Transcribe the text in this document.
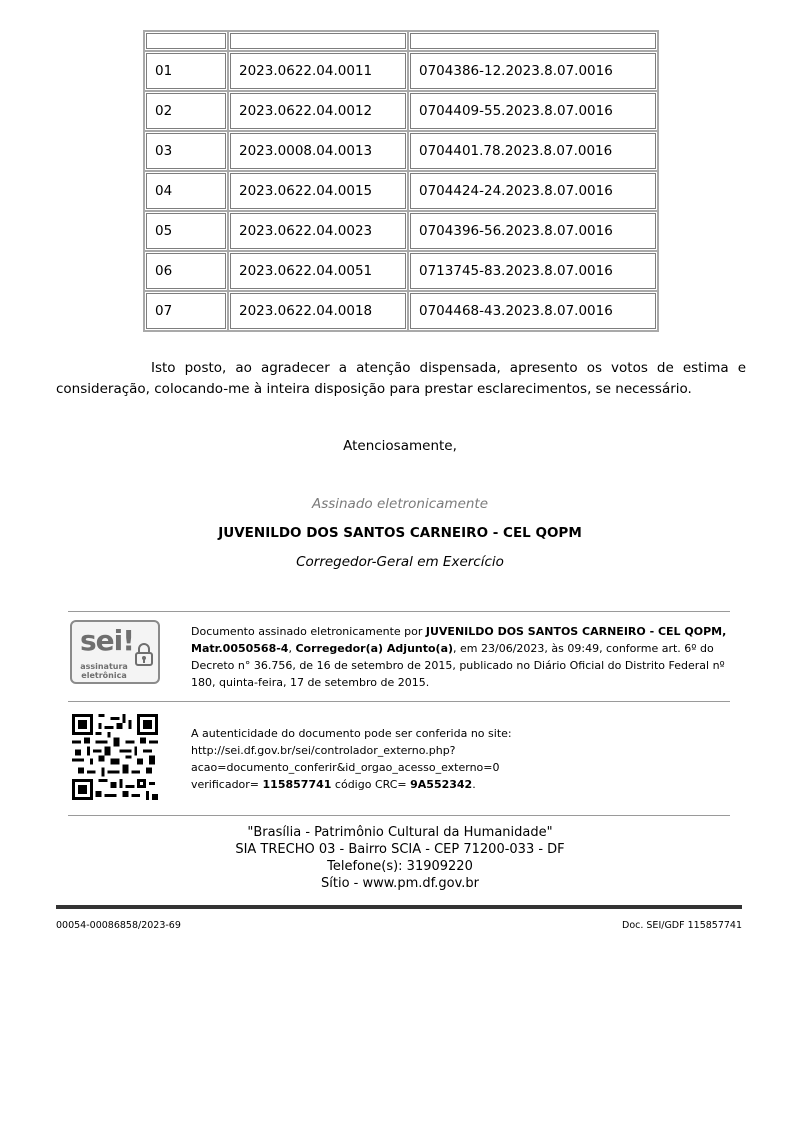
01	2023.0622.04.0011	0704386-12.2023.8.07.0016
02	2023.0622.04.0012	0704409-55.2023.8.07.0016
03	2023.0008.04.0013	0704401.78.2023.8.07.0016
04	2023.0622.04.0015	0704424-24.2023.8.07.0016
05	2023.0622.04.0023	0704396-56.2023.8.07.0016
06	2023.0622.04.0051	0713745-83.2023.8.07.0016
07	2023.0622.04.0018	0704468-43.2023.8.07.0016
Isto posto, ao agradecer a atenção dispensada, apresento os votos de estima e consideração, colocando-me à inteira disposição para prestar esclarecimentos, se necessário.
Atenciosamente,
Assinado eletronicamente
JUVENILDO DOS SANTOS CARNEIRO - CEL QOPM
Corregedor-Geral em Exercício
sei!
assinatura
eletrônica
Documento assinado eletronicamente por JUVENILDO DOS SANTOS CARNEIRO - CEL QOPM, Matr.0050568-4, Corregedor(a) Adjunto(a), em 23/06/2023, às 09:49, conforme art. 6º do Decreto n° 36.756, de 16 de setembro de 2015, publicado no Diário Oficial do Distrito Federal nº 180, quinta-feira, 17 de setembro de 2015.
A autenticidade do documento pode ser conferida no site:
http://sei.df.gov.br/sei/controlador_externo.php?
acao=documento_conferir&id_orgao_acesso_externo=0
verificador= 115857741 código CRC= 9A552342.
"Brasília - Patrimônio Cultural da Humanidade"
SIA TRECHO 03 - Bairro SCIA - CEP 71200-033 - DF
Telefone(s): 31909220
Sítio - www.pm.df.gov.br
00054-00086858/2023-69	Doc. SEI/GDF 115857741
